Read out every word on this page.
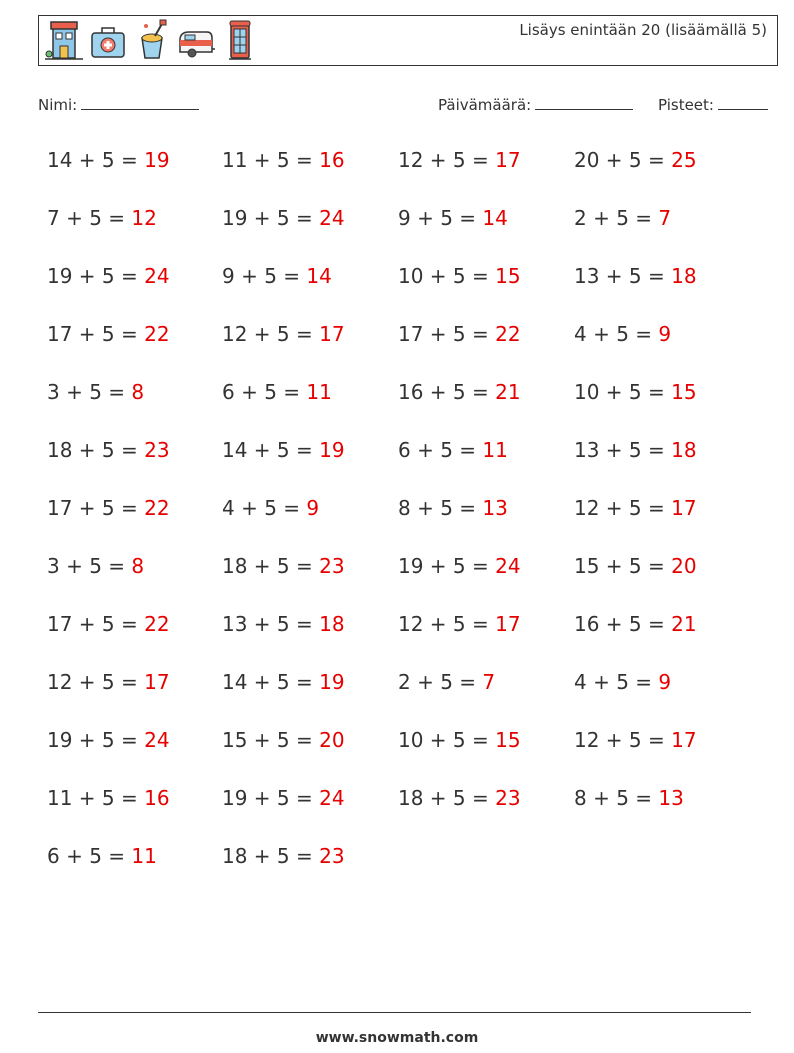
Lisäys enintään 20 (lisäämällä 5)
Nimi:	Päivämäärä:	Pisteet:
14 + 5 = 19	11 + 5 = 16	12 + 5 = 17	20 + 5 = 25
7 + 5 = 12	19 + 5 = 24	9 + 5 = 14	2 + 5 = 7
19 + 5 = 24	9 + 5 = 14	10 + 5 = 15	13 + 5 = 18
17 + 5 = 22	12 + 5 = 17	17 + 5 = 22	4 + 5 = 9
3 + 5 = 8	6 + 5 = 11	16 + 5 = 21	10 + 5 = 15
18 + 5 = 23	14 + 5 = 19	6 + 5 = 11	13 + 5 = 18
17 + 5 = 22	4 + 5 = 9	8 + 5 = 13	12 + 5 = 17
3 + 5 = 8	18 + 5 = 23	19 + 5 = 24	15 + 5 = 20
17 + 5 = 22	13 + 5 = 18	12 + 5 = 17	16 + 5 = 21
12 + 5 = 17	14 + 5 = 19	2 + 5 = 7	4 + 5 = 9
19 + 5 = 24	15 + 5 = 20	10 + 5 = 15	12 + 5 = 17
11 + 5 = 16	19 + 5 = 24	18 + 5 = 23	8 + 5 = 13
6 + 5 = 11	18 + 5 = 23
www.snowmath.com
